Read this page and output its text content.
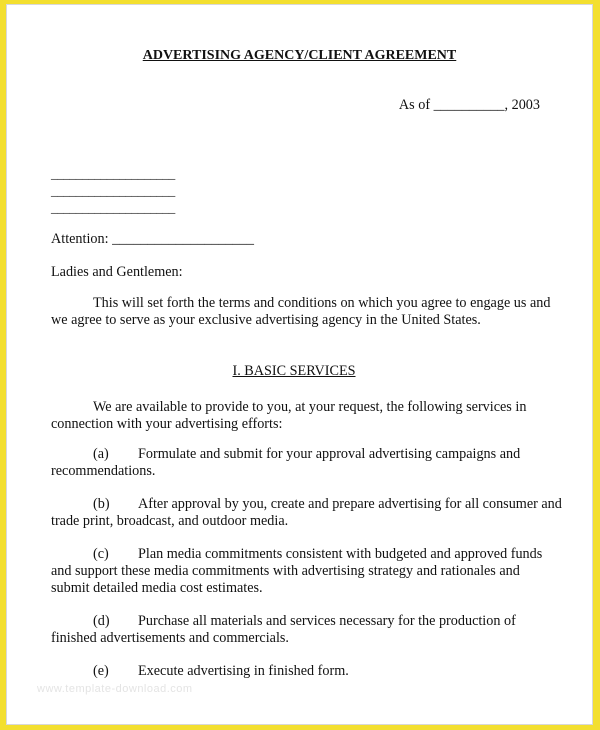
ADVERTISING AGENCY/CLIENT AGREEMENT
As of __________, 2003
____________________
____________________
____________________
Attention: ____________________
Ladies and Gentlemen:
This will set forth the terms and conditions on which you agree to engage us and
we agree to serve as your exclusive advertising agency in the United States.
I. BASIC SERVICES
We are available to provide to you, at your request, the following services in
connection with your advertising efforts:
(a) Formulate and submit for your approval advertising campaigns and
recommendations.
(b) After approval by you, create and prepare advertising for all consumer and
trade print, broadcast, and outdoor media.
(c) Plan media commitments consistent with budgeted and approved funds
and support these media commitments with advertising strategy and rationales and
submit detailed media cost estimates.
(d) Purchase all materials and services necessary for the production of
finished advertisements and commercials.
(e) Execute advertising in finished form.
www.template-download.com
